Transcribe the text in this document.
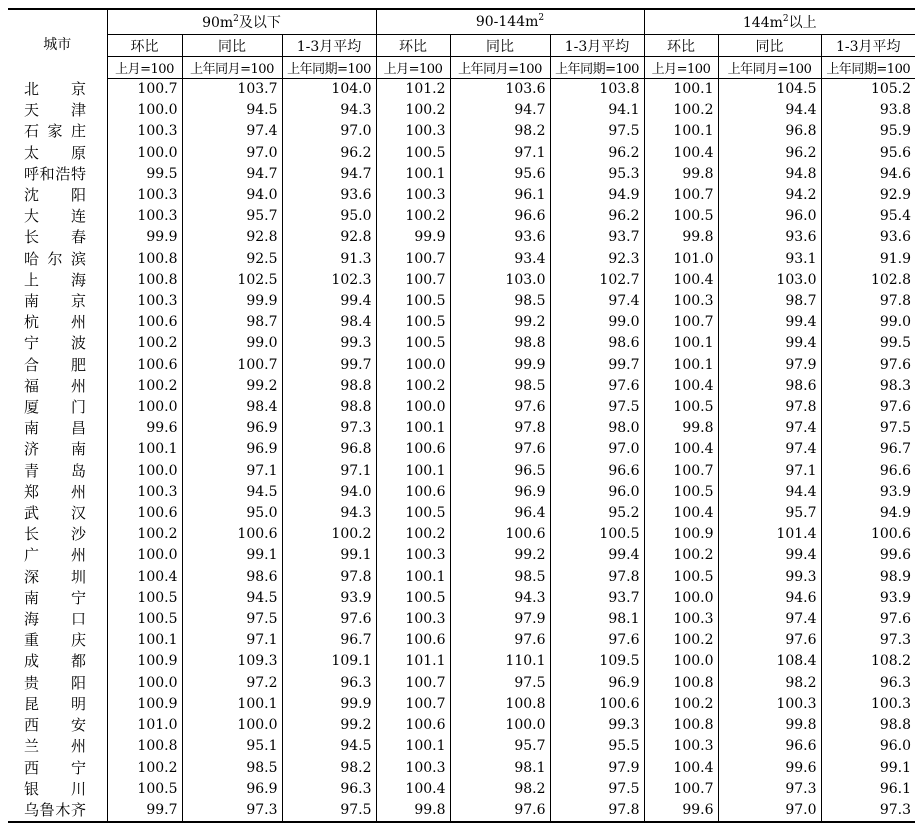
城市	$90m^2$及以下			$90-144m^2$			$144m^2$以上		
	环比	同比	1-3月平均	环比	同比	1-3月平均	环比	同比	1-3月平均
	上月=100	上年同月=100	上年同期=100	上月=100	上年同月=100	上年同期=100	上月=100	上年同月=100	上年同期=100
北京	100.7	103.7	104.0	101.2	103.6	103.8	100.1	104.5	105.2
天津	100.0	94.5	94.3	100.2	94.7	94.1	100.2	94.4	93.8
石家庄	100.3	97.4	97.0	100.3	98.2	97.5	100.1	96.8	95.9
太原	100.0	97.0	96.2	100.5	97.1	96.2	100.4	96.2	95.6
呼和浩特	99.5	94.7	94.7	100.1	95.6	95.3	99.8	94.8	94.6
沈阳	100.3	94.0	93.6	100.3	96.1	94.9	100.7	94.2	92.9
大连	100.3	95.7	95.0	100.2	96.6	96.2	100.5	96.0	95.4
长春	99.9	92.8	92.8	99.9	93.6	93.7	99.8	93.6	93.6
哈尔滨	100.8	92.5	91.3	100.7	93.4	92.3	101.0	93.1	91.9
上海	100.8	102.5	102.3	100.7	103.0	102.7	100.4	103.0	102.8
南京	100.3	99.9	99.4	100.5	98.5	97.4	100.3	98.7	97.8
杭州	100.6	98.7	98.4	100.5	99.2	99.0	100.7	99.4	99.0
宁波	100.2	99.0	99.3	100.5	98.8	98.6	100.1	99.4	99.5
合肥	100.6	100.7	99.7	100.0	99.9	99.7	100.1	97.9	97.6
福州	100.2	99.2	98.8	100.2	98.5	97.6	100.4	98.6	98.3
厦门	100.0	98.4	98.8	100.0	97.6	97.5	100.5	97.8	97.6
南昌	99.6	96.9	97.3	100.1	97.8	98.0	99.8	97.4	97.5
济南	100.1	96.9	96.8	100.6	97.6	97.0	100.4	97.4	96.7
青岛	100.0	97.1	97.1	100.1	96.5	96.6	100.7	97.1	96.6
郑州	100.3	94.5	94.0	100.6	96.9	96.0	100.5	94.4	93.9
武汉	100.6	95.0	94.3	100.5	96.4	95.2	100.4	95.7	94.9
长沙	100.2	100.6	100.2	100.2	100.6	100.5	100.9	101.4	100.6
广州	100.0	99.1	99.1	100.3	99.2	99.4	100.2	99.4	99.6
深圳	100.4	98.6	97.8	100.1	98.5	97.8	100.5	99.3	98.9
南宁	100.5	94.5	93.9	100.5	94.3	93.7	100.0	94.6	93.9
海口	100.5	97.5	97.6	100.3	97.9	98.1	100.3	97.4	97.6
重庆	100.1	97.1	96.7	100.6	97.6	97.6	100.2	97.6	97.3
成都	100.9	109.3	109.1	101.1	110.1	109.5	100.0	108.4	108.2
贵阳	100.0	97.2	96.3	100.7	97.5	96.9	100.8	98.2	96.3
昆明	100.9	100.1	99.9	100.7	100.8	100.6	100.2	100.3	100.3
西安	101.0	100.0	99.2	100.6	100.0	99.3	100.8	99.8	98.8
兰州	100.8	95.1	94.5	100.1	95.7	95.5	100.3	96.6	96.0
西宁	100.2	98.5	98.2	100.3	98.1	97.9	100.4	99.6	99.1
银川	100.5	96.9	96.3	100.4	98.2	97.5	100.7	97.3	96.1
乌鲁木齐	99.7	97.3	97.5	99.8	97.6	97.8	99.6	97.0	97.3
